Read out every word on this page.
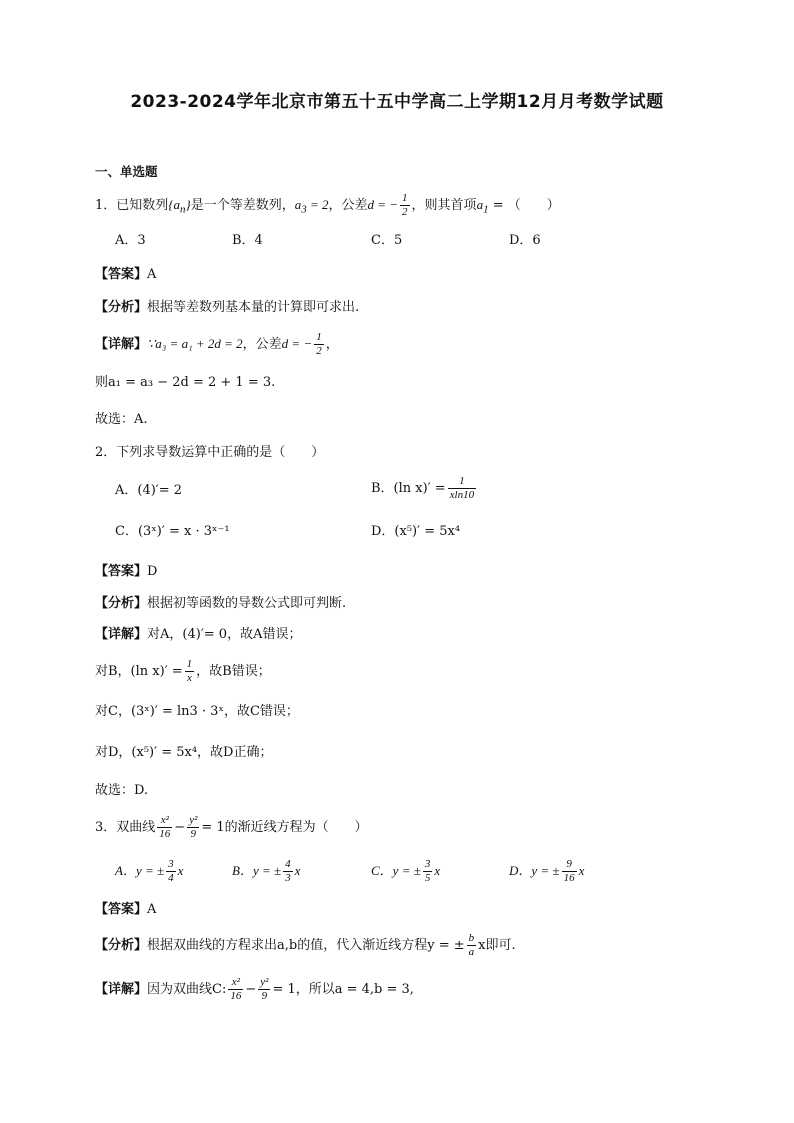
2023-2024学年北京市第五十五中学高二上学期12月月考数学试题
一、单选题
1．已知数列$\{a_n\}$是一个等差数列，$a_3 = 2$，公差d = − $\frac{1}{2}$ ，则其首项$a_1$ = （　　）
A．3	B．4	C．5	D．6
【答案】A
【分析】根据等差数列基本量的计算即可求出.
【详解】∵a₃ = a₁ + 2d = 2，公差d = − $\frac{1}{2}$ ，
则a₁ = a₃ − 2d = 2 + 1 = 3.
故选：A.
2．下列求导数运算中正确的是（　　）
A．(4)′= 2	B．(ln $x)' = \frac{1}{xln10}$
C．(3ˣ)′ = x · 3ˣ⁻¹	D．(x⁵)′ = 5x⁴
【答案】D
【分析】根据初等函数的导数公式即可判断.
【详解】对A，(4)′= 0，故A错误；
对B，(ln $x)' = \frac{1}{x}$ ，故B错误；
对C，(3ˣ)′ = ln3 · 3ˣ，故C错误；
对D，(x⁵)′ = 5x⁴，故D正确；
故选：D.
3．双曲线 $\frac{\text{x²}}{16} - \frac{\text{y²}}{9} = 1$的渐近线方程为（　　）
A．y = ± $\frac{3}{4}$ x	B．y = ± $\frac{4}{3}$ x	C．y = ± $\frac{3}{5}$ x	D．y = ± $\frac{9}{16}$ x
【答案】A
【分析】根据双曲线的方程求出a,b的值，代入渐近线方程y = ± $\frac{b}{a}$ x即可.
【详解】因为双曲线C: $\frac{\text{x²}}{16} - \frac{\text{y²}}{9} = 1$，所以a = 4,b = 3,
